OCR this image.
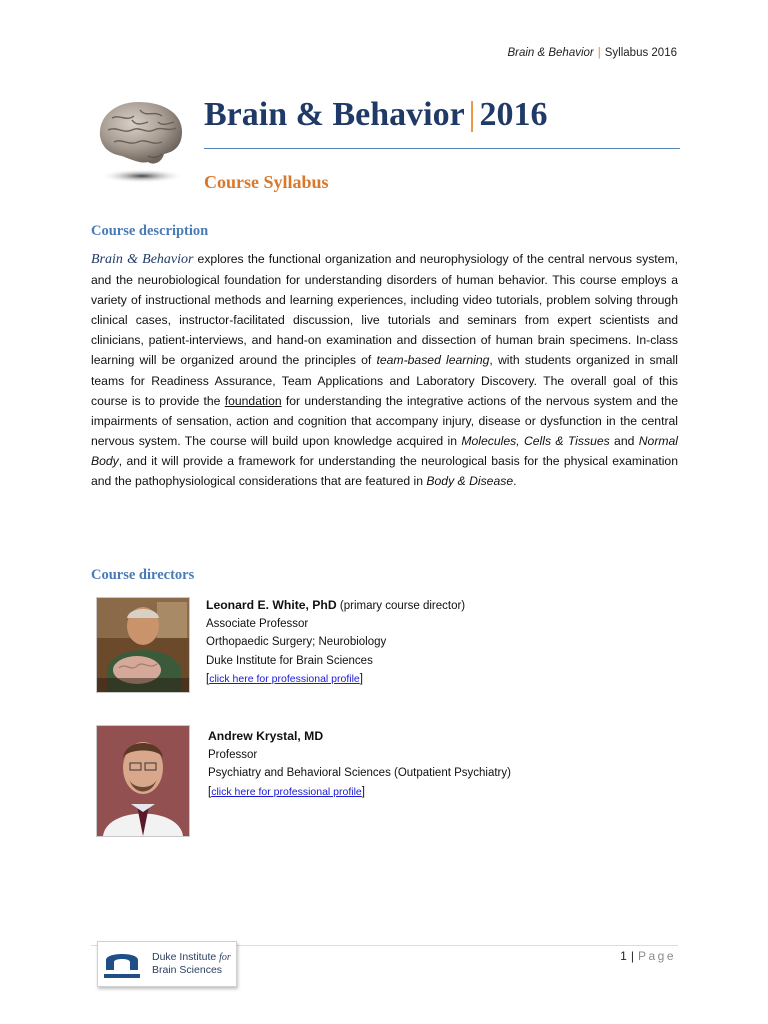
Brain & Behavior | Syllabus 2016
Brain & Behavior | 2016
Course Syllabus
Course description

Brain & Behavior explores the functional organization and neurophysiology of the central nervous system, and the neurobiological foundation for understanding disorders of human behavior. This course employs a variety of instructional methods and learning experiences, including video tutorials, problem solving through clinical cases, instructor-facilitated discussion, live tutorials and seminars from expert scientists and clinicians, patient-interviews, and hand-on examination and dissection of human brain specimens. In-class learning will be organized around the principles of team-based learning, with students organized in small teams for Readiness Assurance, Team Applications and Laboratory Discovery. The overall goal of this course is to provide the foundation for understanding the integrative actions of the nervous system and the impairments of sensation, action and cognition that accompany injury, disease or dysfunction in the central nervous system. The course will build upon knowledge acquired in Molecules, Cells & Tissues and Normal Body, and it will provide a framework for understanding the neurological basis for the physical examination and the pathophysiological considerations that are featured in Body & Disease.

Course directors
Leonard E. White, PhD (primary course director)
Associate Professor
Orthopaedic Surgery; Neurobiology
Duke Institute for Brain Sciences
[click here for professional profile]
Andrew Krystal, MD
Professor
Psychiatry and Behavioral Sciences (Outpatient Psychiatry)
[click here for professional profile]
Duke Institute for
Brain Sciences
1 | Page
